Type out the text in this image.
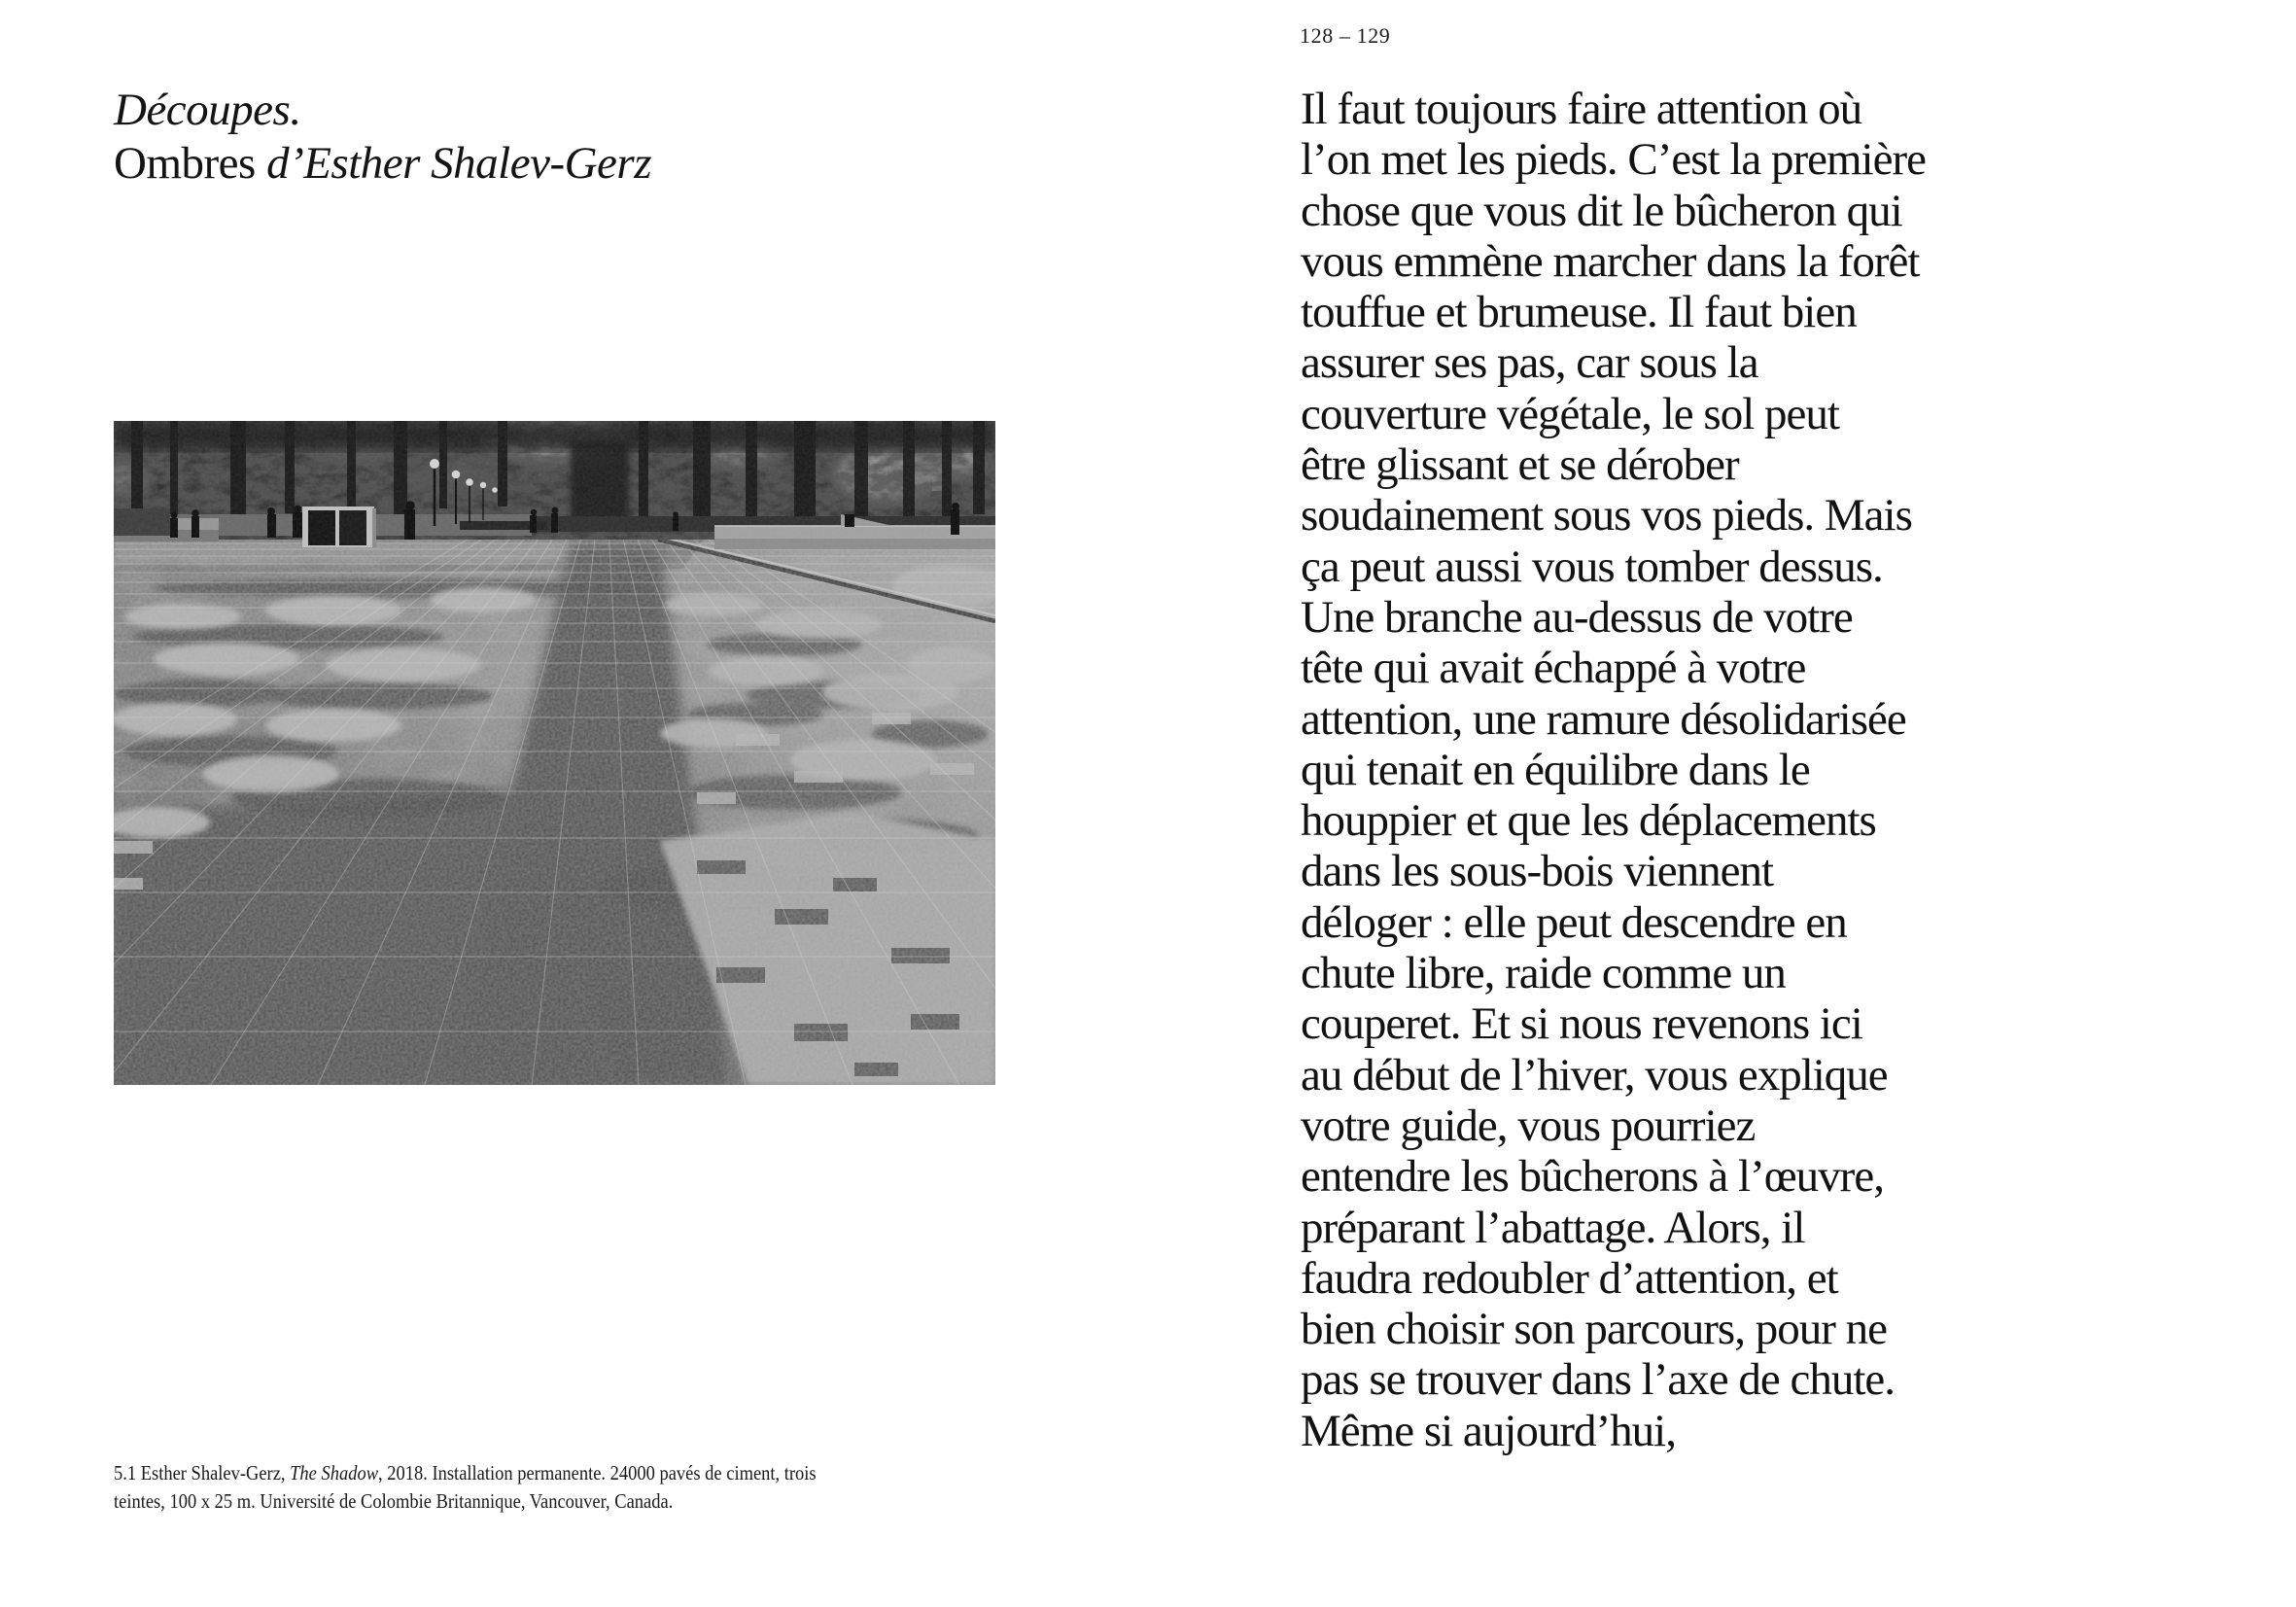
128 – 129
Découpes.
Ombres d’Esther Shalev-Gerz
5.1 Esther Shalev-Gerz, The Shadow, 2018. Installation permanente. 24000 pavés de ciment, trois
teintes, 100 x 25 m. Université de Colombie Britannique, Vancouver, Canada.
Il faut toujours faire attention où
l’on met les pieds. C’est la première
chose que vous dit le bûcheron qui
vous emmène marcher dans la forêt
touffue et brumeuse. Il faut bien
assurer ses pas, car sous la
couverture végétale, le sol peut
être glissant et se dérober
soudainement sous vos pieds. Mais
ça peut aussi vous tomber dessus.
Une branche au-dessus de votre
tête qui avait échappé à votre
attention, une ramure désolidarisée
qui tenait en équilibre dans le
houppier et que les déplacements
dans les sous-bois viennent
déloger : elle peut descendre en
chute libre, raide comme un
couperet. Et si nous revenons ici
au début de l’hiver, vous explique
votre guide, vous pourriez
entendre les bûcherons à l’œuvre,
préparant l’abattage. Alors, il
faudra redoubler d’attention, et
bien choisir son parcours, pour ne
pas se trouver dans l’axe de chute.
Même si aujourd’hui,
